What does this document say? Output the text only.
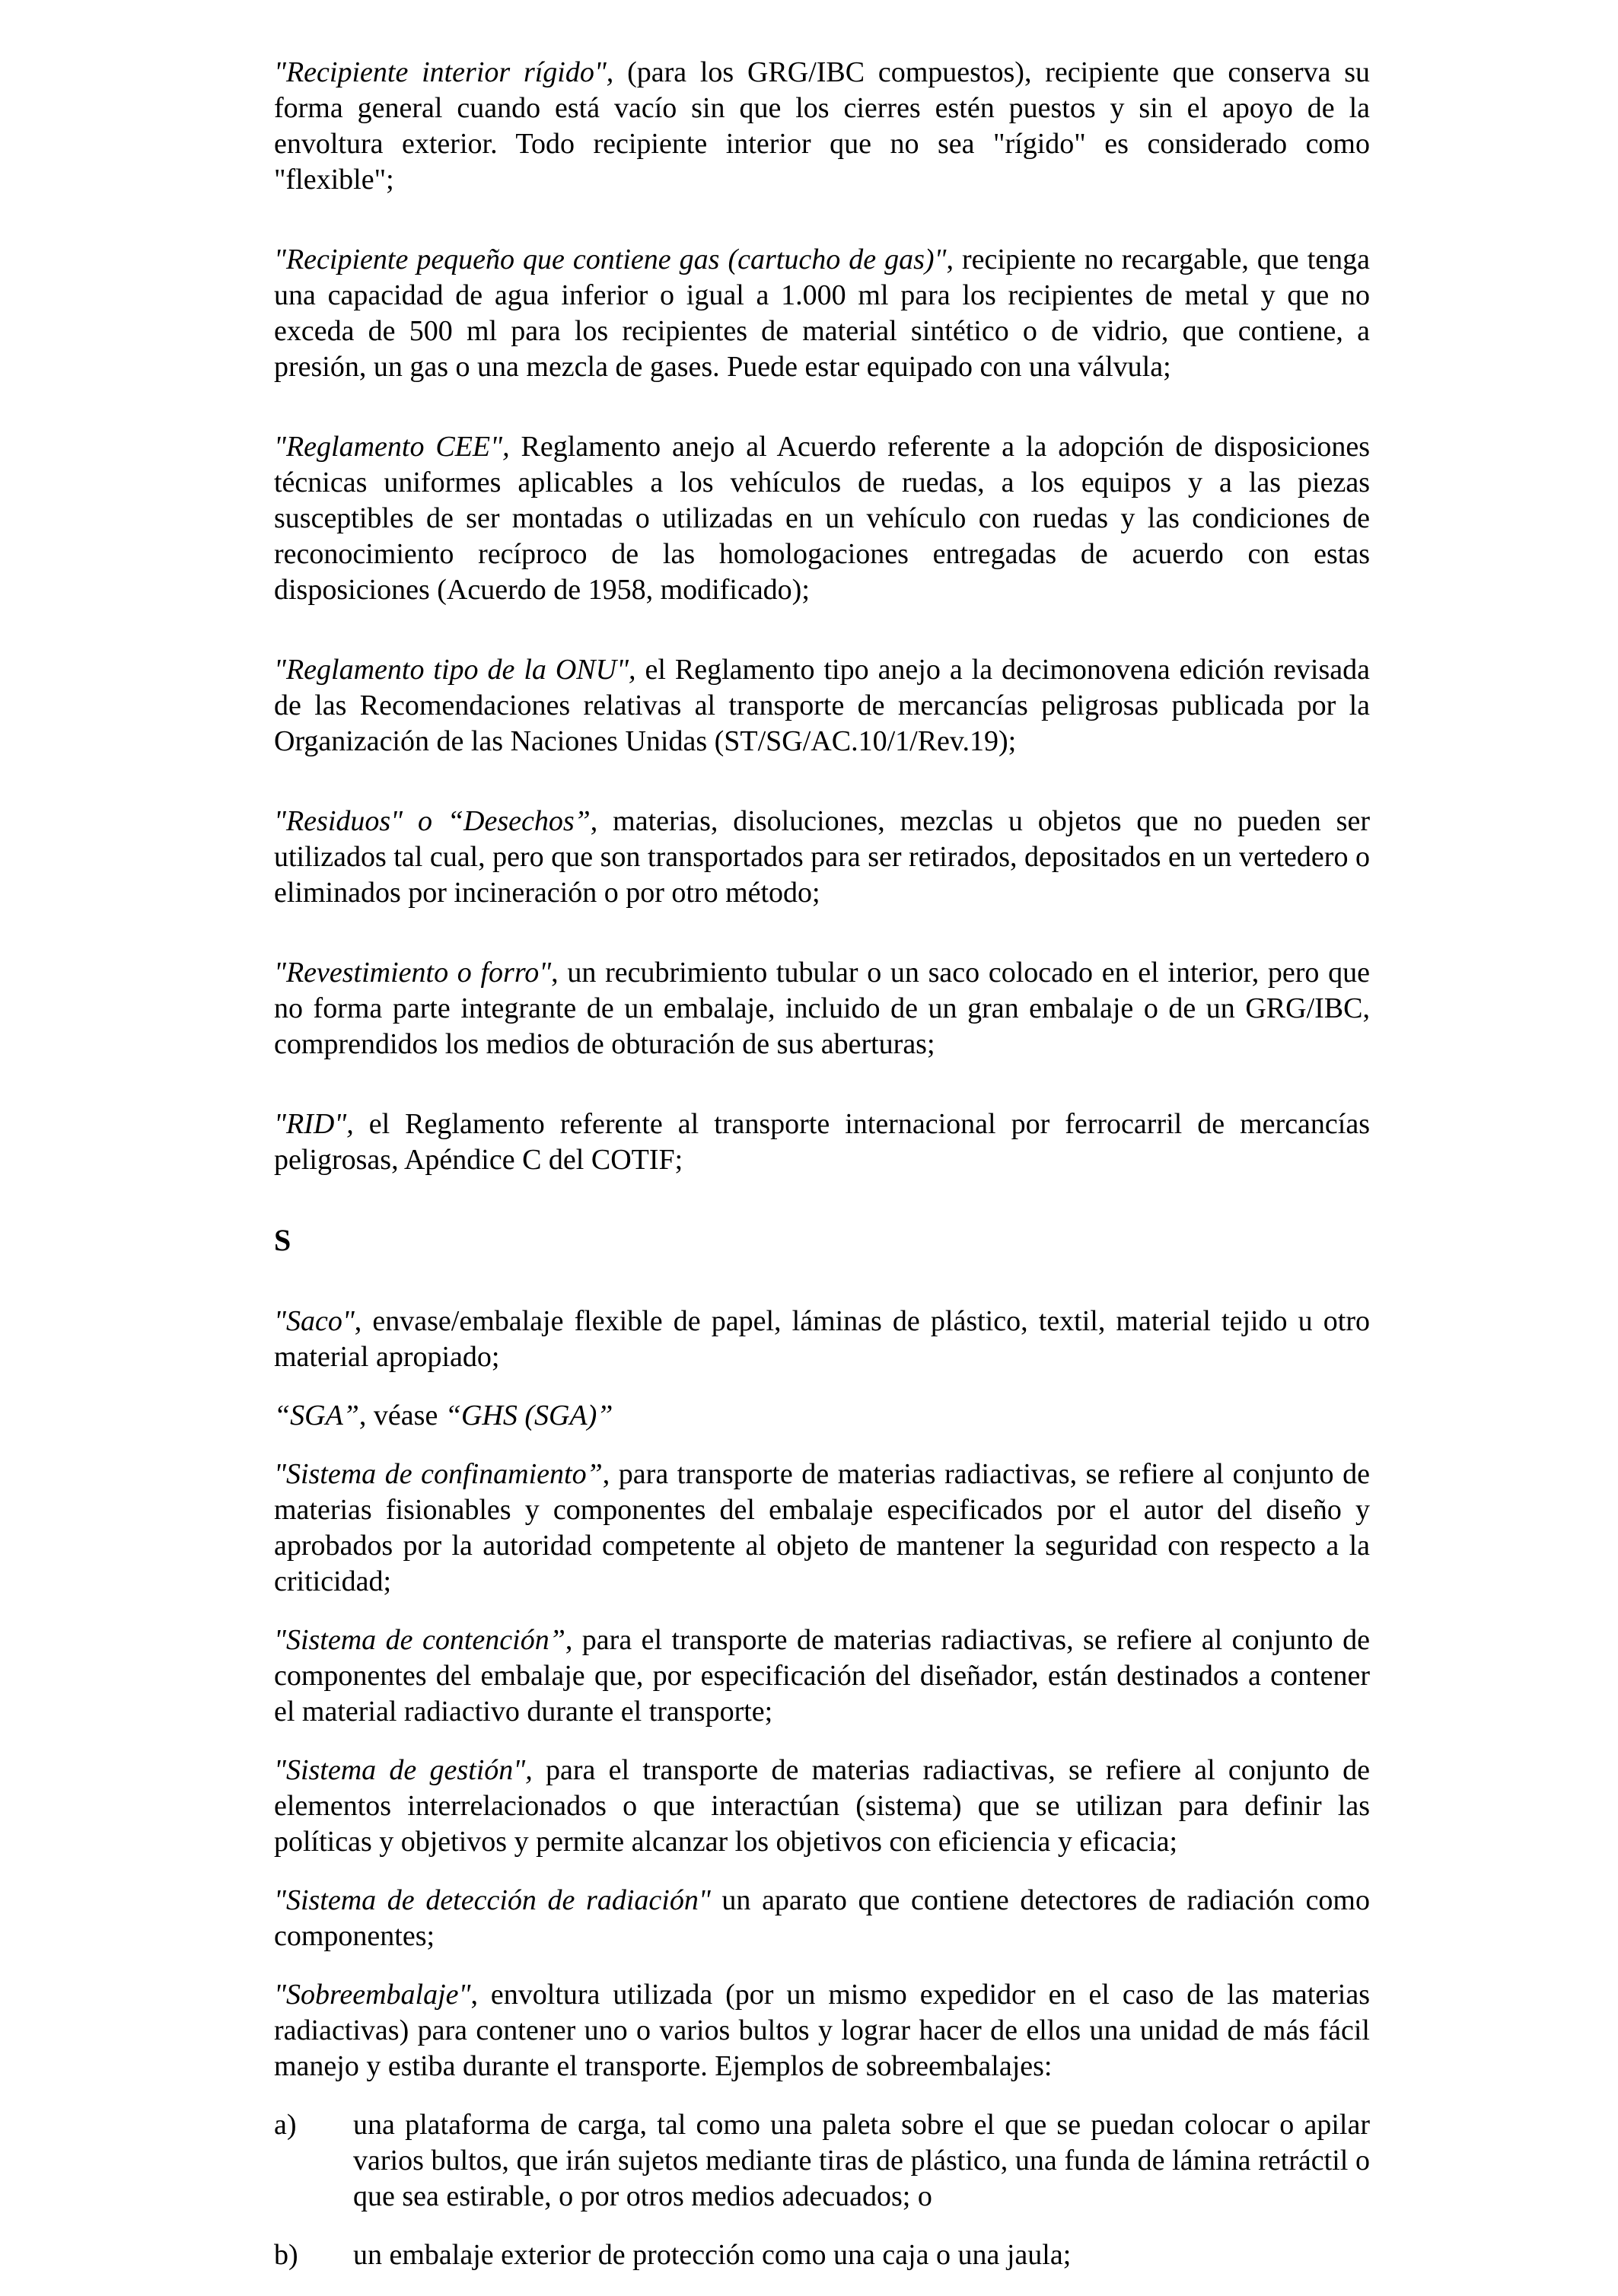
"Recipiente interior rígido", (para los GRG/IBC compuestos), recipiente que conserva su forma general cuando está vacío sin que los cierres estén puestos y sin el apoyo de la envoltura exterior. Todo recipiente interior que no sea "rígido" es considerado como "flexible";

"Recipiente pequeño que contiene gas (cartucho de gas)", recipiente no recargable, que tenga una capacidad de agua inferior o igual a 1.000 ml para los recipientes de metal y que no exceda de 500 ml para los recipientes de material sintético o de vidrio, que contiene, a presión, un gas o una mezcla de gases. Puede estar equipado con una válvula;

"Reglamento CEE", Reglamento anejo al Acuerdo referente a la adopción de disposiciones técnicas uniformes aplicables a los vehículos de ruedas, a los equipos y a las piezas susceptibles de ser montadas o utilizadas en un vehículo con ruedas y las condiciones de reconocimiento recíproco de las homologaciones entregadas de acuerdo con estas disposiciones (Acuerdo de 1958, modificado);

"Reglamento tipo de la ONU", el Reglamento tipo anejo a la decimonovena edición revisada de las Recomendaciones relativas al transporte de mercancías peligrosas publicada por la Organización de las Naciones Unidas (ST/SG/AC.10/1/Rev.19);

"Residuos" o “Desechos”, materias, disoluciones, mezclas u objetos que no pueden ser utilizados tal cual, pero que son transportados para ser retirados, depositados en un vertedero o eliminados por incineración o por otro método;

"Revestimiento o forro", un recubrimiento tubular o un saco colocado en el interior, pero que no forma parte integrante de un embalaje, incluido de un gran embalaje o de un GRG/IBC, comprendidos los medios de obturación de sus aberturas;

"RID", el Reglamento referente al transporte internacional por ferrocarril de mercancías peligrosas, Apéndice C del COTIF;

S

"Saco", envase/embalaje flexible de papel, láminas de plástico, textil, material tejido u otro material apropiado;

“SGA”, véase “GHS (SGA)”

"Sistema de confinamiento”, para transporte de materias radiactivas, se refiere al conjunto de materias fisionables y componentes del embalaje especificados por el autor del diseño y aprobados por la autoridad competente al objeto de mantener la seguridad con respecto a la criticidad;

"Sistema de contención”, para el transporte de materias radiactivas, se refiere al conjunto de componentes del embalaje que, por especificación del diseñador, están destinados a contener el material radiactivo durante el transporte;

"Sistema de gestión", para el transporte de materias radiactivas, se refiere al conjunto de elementos interrelacionados o que interactúan (sistema) que se utilizan para definir las políticas y objetivos y permite alcanzar los objetivos con eficiencia y eficacia;

"Sistema de detección de radiación" un aparato que contiene detectores de radiación como componentes;

"Sobreembalaje", envoltura utilizada (por un mismo expedidor en el caso de las materias radiactivas) para contener uno o varios bultos y lograr hacer de ellos una unidad de más fácil manejo y estiba durante el transporte. Ejemplos de sobreembalajes:

a) una plataforma de carga, tal como una paleta sobre el que se puedan colocar o apilar varios bultos, que irán sujetos mediante tiras de plástico, una funda de lámina retráctil o que sea estirable, o por otros medios adecuados; o
b) un embalaje exterior de protección como una caja o una jaula;
